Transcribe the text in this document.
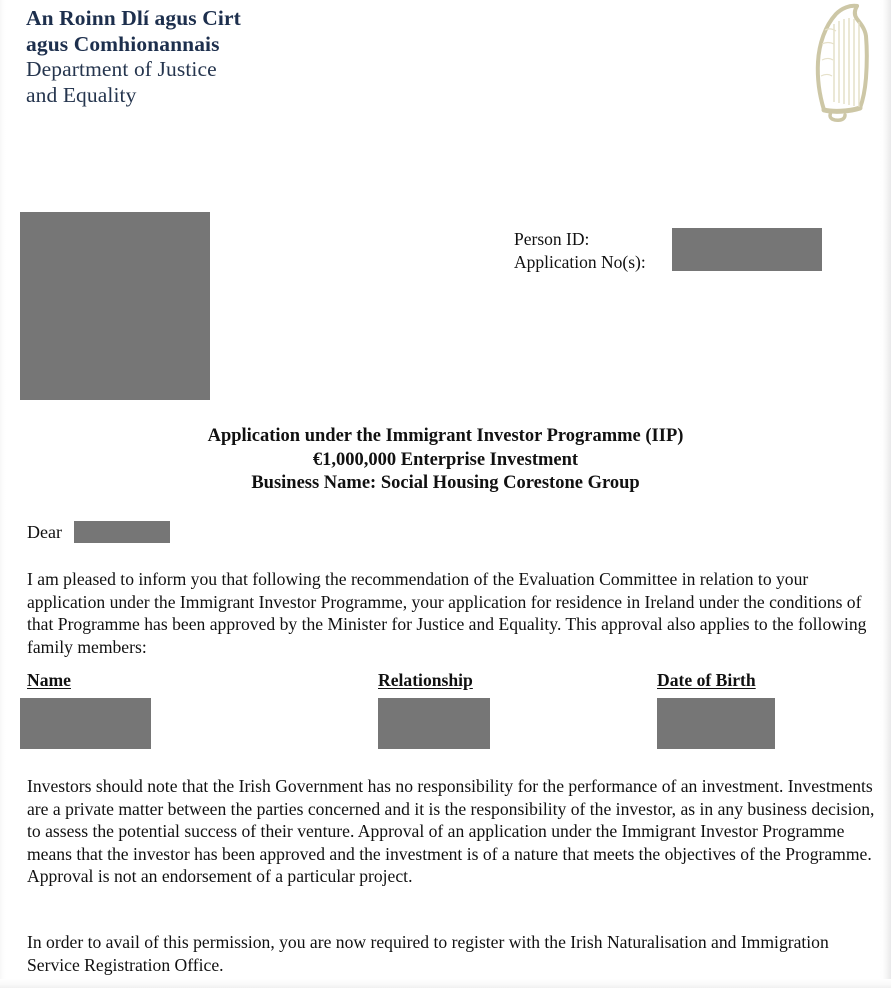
An Roinn Dlí agus Cirt
agus Comhionannais
Department of Justice
and Equality
Person ID:
Application No(s):
Application under the Immigrant Investor Programme (IIP)
€1,000,000 Enterprise Investment
Business Name: Social Housing Corestone Group
Dear
I am pleased to inform you that following the recommendation of the Evaluation Committee in relation to your application under the Immigrant Investor Programme, your application for residence in Ireland under the conditions of that Programme has been approved by the Minister for Justice and Equality. This approval also applies to the following family members:
Name	Relationship	Date of Birth
Investors should note that the Irish Government has no responsibility for the performance of an investment. Investments are a private matter between the parties concerned and it is the responsibility of the investor, as in any business decision, to assess the potential success of their venture. Approval of an application under the Immigrant Investor Programme means that the investor has been approved and the investment is of a nature that meets the objectives of the Programme. Approval is not an endorsement of a particular project.
In order to avail of this permission, you are now required to register with the Irish Naturalisation and Immigration Service Registration Office.
